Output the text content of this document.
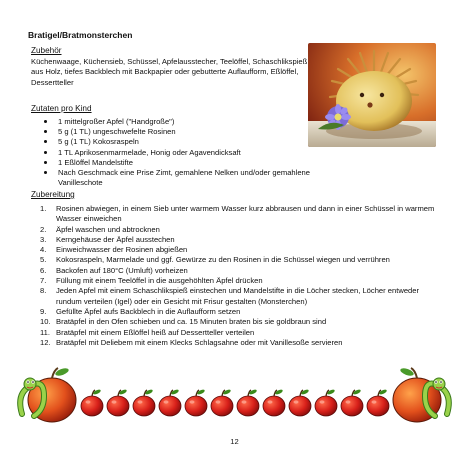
Bratigel/Bratmonsterchen
Zubehör
Küchenwaage, Küchensieb, Schüssel, Apfelausstecher, Teelöffel, Schaschlikspieß aus Holz, tiefes Backblech mit Backpapier oder gebutterte Auflaufform, Eßlöffel, Dessertteller
Zutaten pro Kind
1 mittelgroßer Apfel ("Handgroße")
5 g (1 TL) ungeschwefelte Rosinen
5 g (1 TL) Kokosraspeln
1 TL Aprikosenmarmelade, Honig oder Agavendicksaft
1 Eßlöffel Mandelstifte
Nach Geschmack eine Prise Zimt, gemahlene Nelken und/oder gemahlene Vanilleschote
Zubereitung
1. Rosinen abwiegen, in einem Sieb unter warmem Wasser kurz abbrausen und dann in einer Schüssel in warmem Wasser einweichen
2. Äpfel waschen und abtrocknen
3. Kerngehäuse der Äpfel ausstechen
4. Einweichwasser der Rosinen abgießen
5. Kokosraspeln, Marmelade und ggf. Gewürze zu den Rosinen in die Schüssel wiegen und verrühren
6. Backofen auf 180°C (Umluft) vorheizen
7. Füllung mit einem Teelöffel in die ausgehöhlten Äpfel drücken
8. Jeden Apfel mit einem Schaschlikspieß einstechen und Mandelstifte in die Löcher stecken, Löcher entweder rundum verteilen (Igel) oder ein Gesicht mit Frisur gestalten (Monsterchen)
9. Gefüllte Äpfel aufs Backblech in die Auflaufform setzen
10. Bratäpfel in den Ofen schieben und ca. 15 Minuten braten bis sie goldbraun sind
11. Bratäpfel mit einem Eßlöffel heiß auf Dessertteller verteilen
12. Bratäpfel mit Deliebem mit einem Klecks Schlagsahne oder mit Vanillesoße servieren
12
